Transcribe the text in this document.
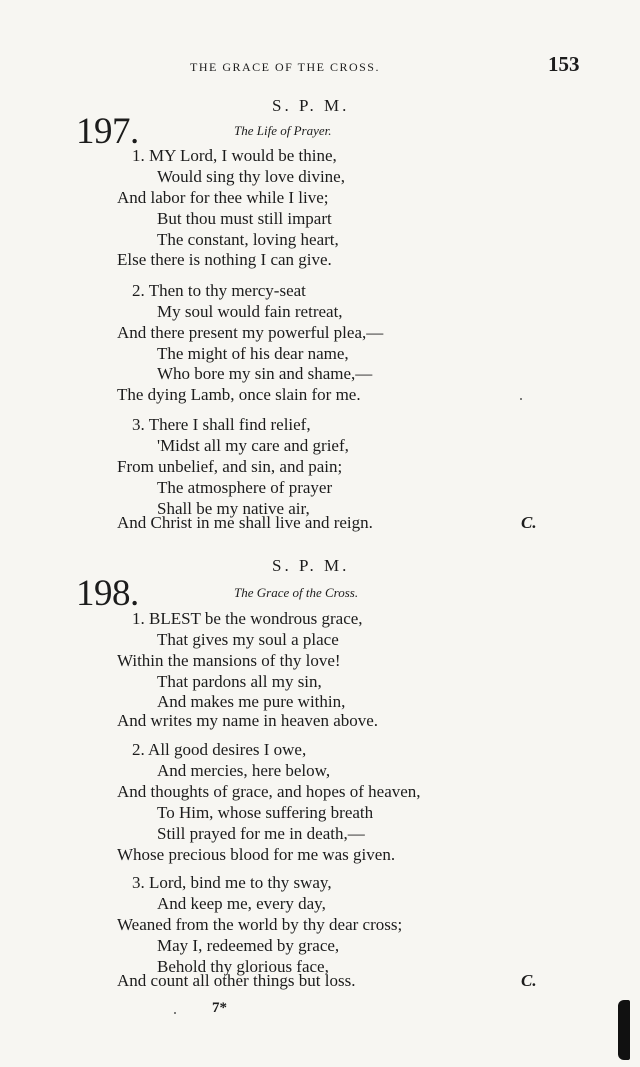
THE GRACE OF THE CROSS.	153
S. P. M.
197.	The Life of Prayer.
1. MY Lord, I would be thine,
Would sing thy love divine,
And labor for thee while I live;
But thou must still impart
The constant, loving heart,
Else there is nothing I can give.
2. Then to thy mercy-seat
My soul would fain retreat,
And there present my powerful plea,—
The might of his dear name,
Who bore my sin and shame,—
The dying Lamb, once slain for me.
3. There I shall find relief,
'Midst all my care and grief,
From unbelief, and sin, and pain;
The atmosphere of prayer
Shall be my native air,
And Christ in me shall live and reign.	C.
S. P. M.
198.	The Grace of the Cross.
1. BLEST be the wondrous grace,
That gives my soul a place
Within the mansions of thy love!
That pardons all my sin,
And makes me pure within,
And writes my name in heaven above.
2. All good desires I owe,
And mercies, here below,
And thoughts of grace, and hopes of heaven,
To Him, whose suffering breath
Still prayed for me in death,—
Whose precious blood for me was given.
3. Lord, bind me to thy sway,
And keep me, every day,
Weaned from the world by thy dear cross;
May I, redeemed by grace,
Behold thy glorious face,
And count all other things but loss.	C.
7*
